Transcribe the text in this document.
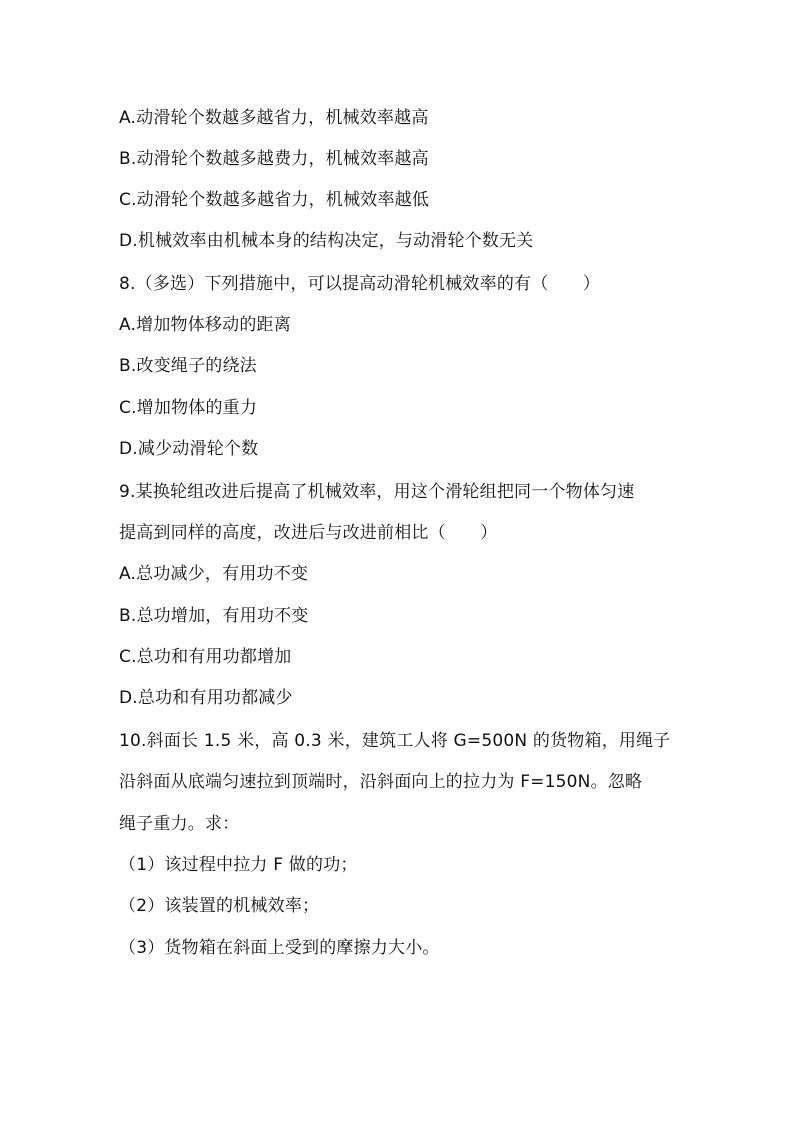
A.动滑轮个数越多越省力，机械效率越高
B.动滑轮个数越多越费力，机械效率越高
C.动滑轮个数越多越省力，机械效率越低
D.机械效率由机械本身的结构决定，与动滑轮个数无关
8.（多选）下列措施中，可以提高动滑轮机械效率的有（　　）
A.增加物体移动的距离
B.改变绳子的绕法
C.增加物体的重力
D.减少动滑轮个数
9.某换轮组改进后提高了机械效率，用这个滑轮组把同一个物体匀速
提高到同样的高度，改进后与改进前相比（　　）
A.总功减少，有用功不变
B.总功增加，有用功不变
C.总功和有用功都增加
D.总功和有用功都减少
10.斜面长 1.5 米，高 0.3 米，建筑工人将 G=500N 的货物箱，用绳子
沿斜面从底端匀速拉到顶端时，沿斜面向上的拉力为 F=150N。忽略
绳子重力。求：
（1）该过程中拉力 F 做的功；
（2）该装置的机械效率；
（3）货物箱在斜面上受到的摩擦力大小。
